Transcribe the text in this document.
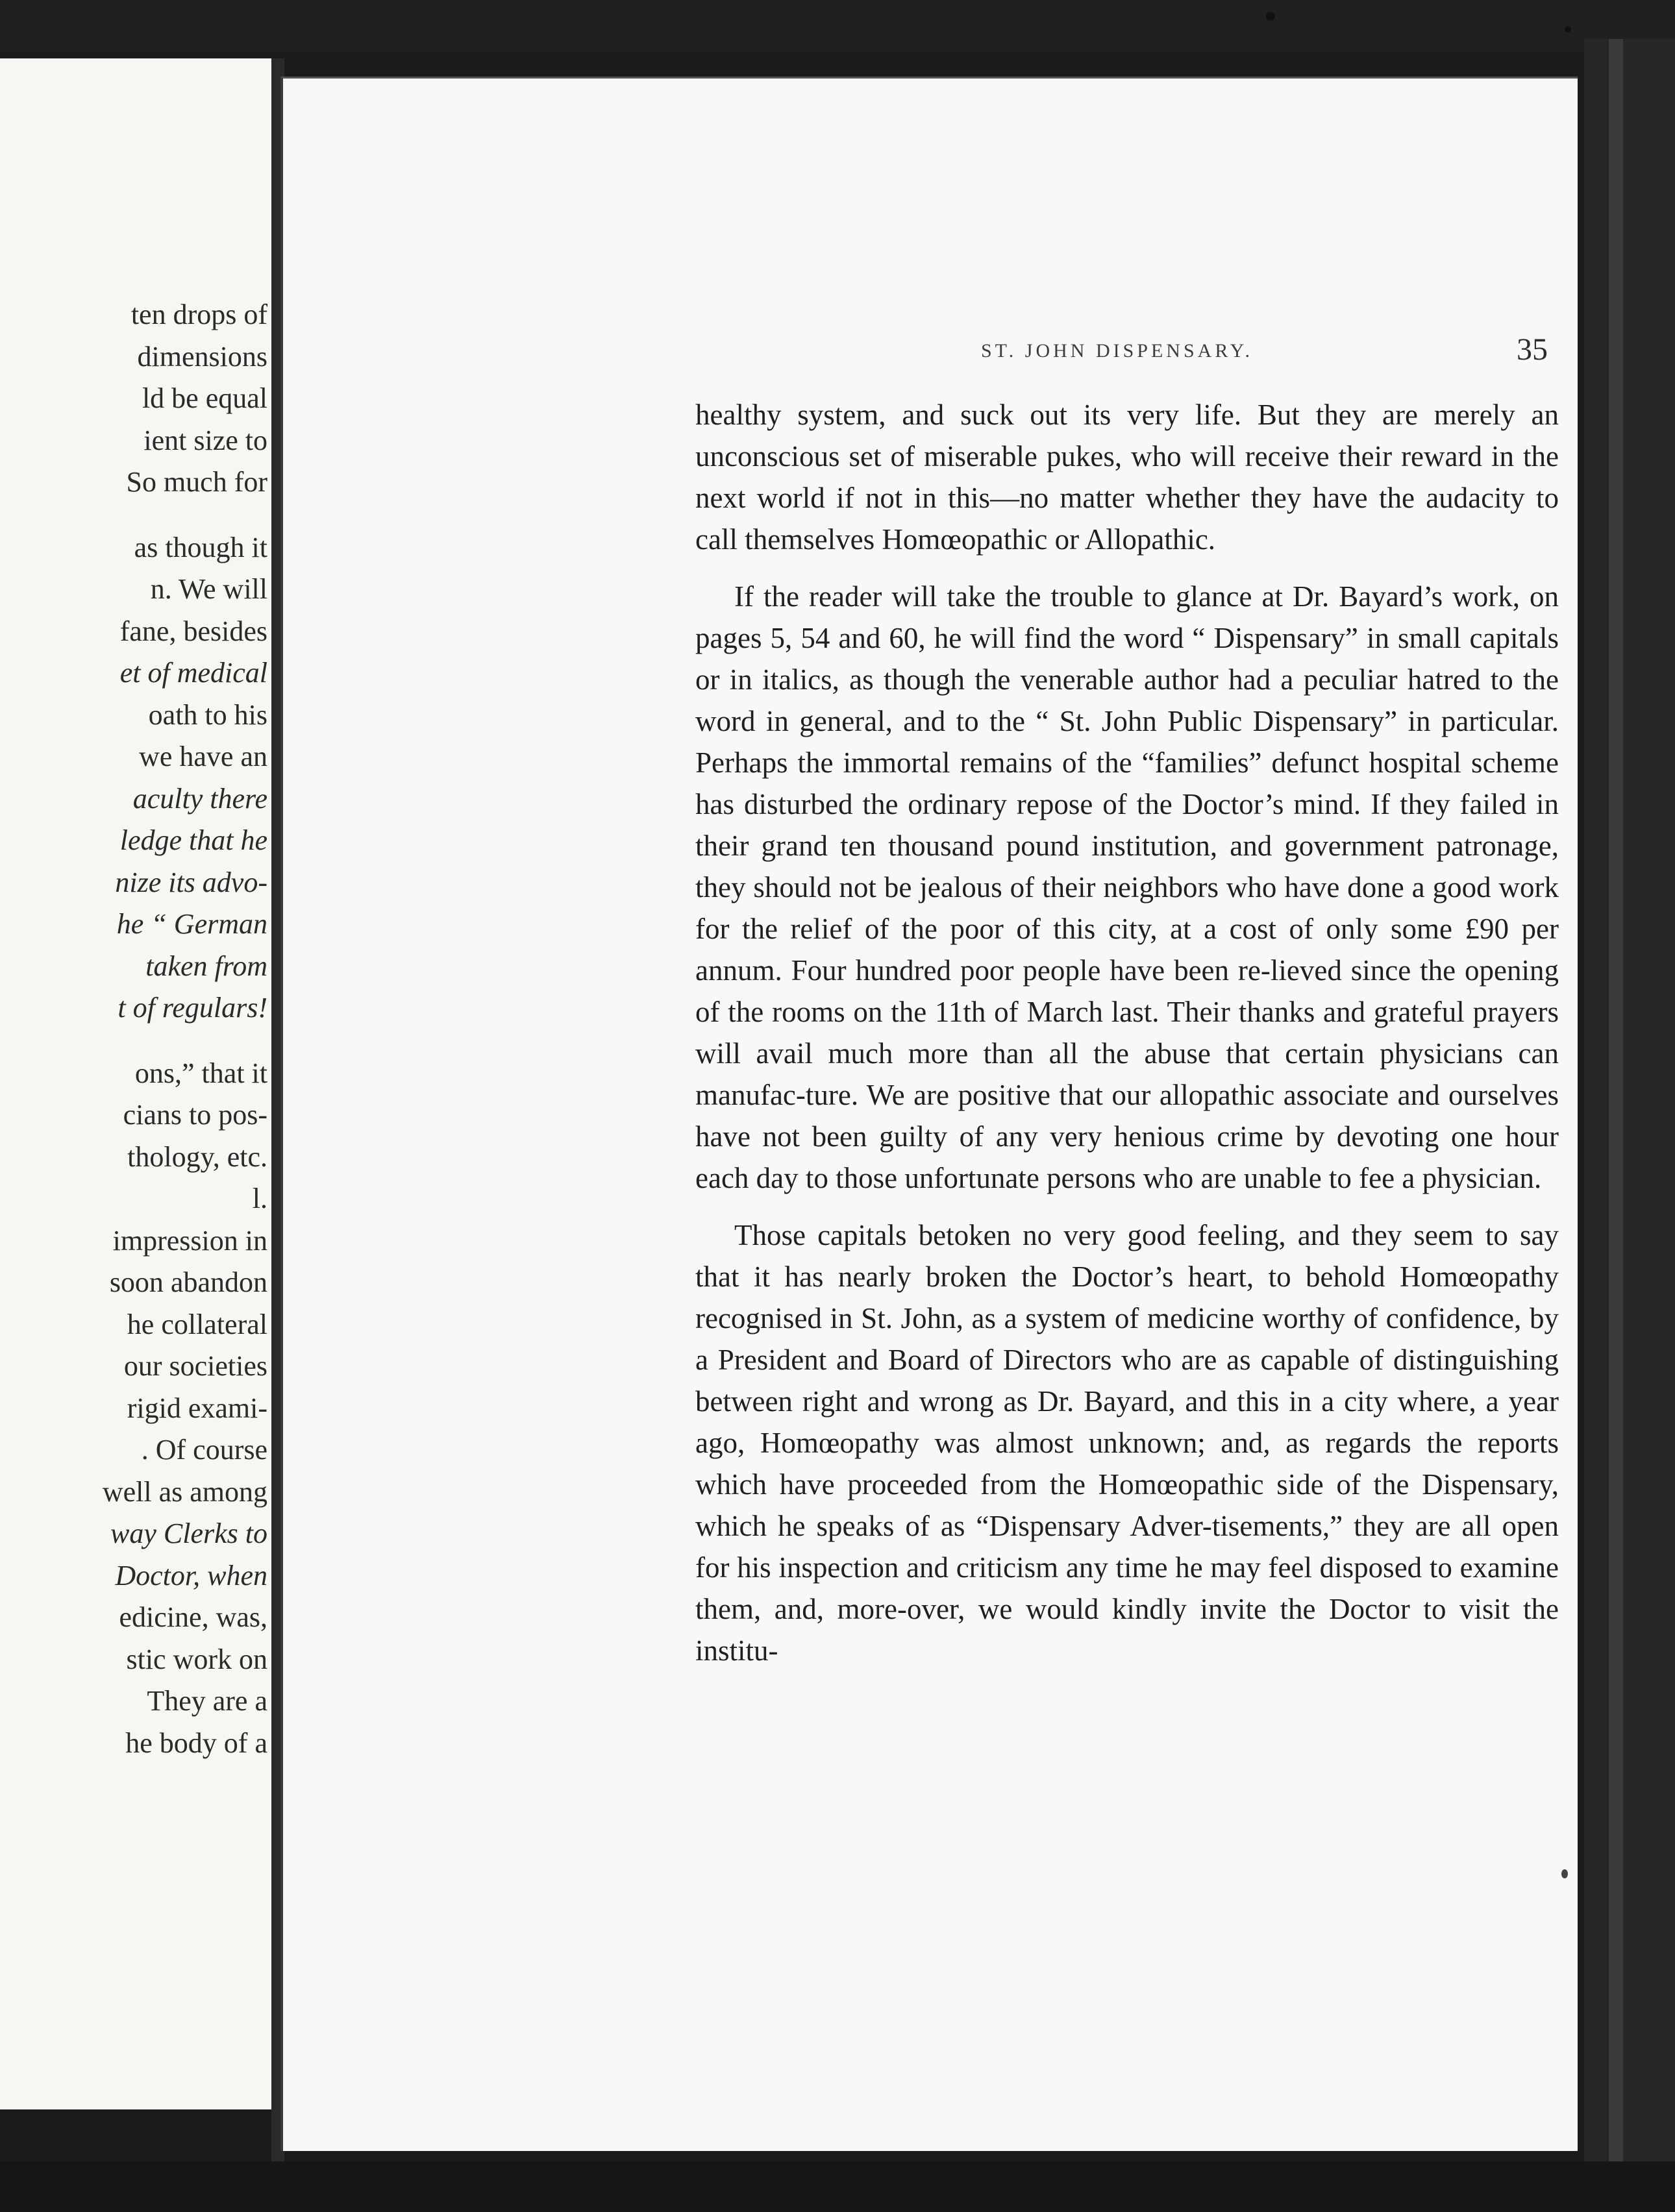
ten drops of
dimensions
ld be equal
ient size to
So much for
as though it
n. We will
fane, besides
et of medical
oath to his
we have an
aculty there
ledge that he
nize its advo-
he “ German
taken from
t of regulars!
ons,” that it
cians to pos-
thology, etc.
l.
impression in
soon abandon
he collateral
our societies
rigid exami-
. Of course
well as among
way Clerks to
Doctor, when
edicine, was,
stic work on
They are a
he body of a
ST. JOHN DISPENSARY.	35

healthy system, and suck out its very life. But they are merely an unconscious set of miserable pukes, who will receive their reward in the next world if not in this—no matter whether they have the audacity to call themselves Homœopathic or Allopathic.

If the reader will take the trouble to glance at Dr. Bayard’s work, on pages 5, 54 and 60, he will find the word “ Dispensary” in small capitals or in italics, as though the venerable author had a peculiar hatred to the word in general, and to the “ St. John Public Dispensary” in particular. Perhaps the immortal remains of the “families” defunct hospital scheme has disturbed the ordinary repose of the Doctor’s mind. If they failed in their grand ten thousand pound institution, and government patronage, they should not be jealous of their neighbors who have done a good work for the relief of the poor of this city, at a cost of only some £90 per annum. Four hundred poor people have been re-lieved since the opening of the rooms on the 11th of March last. Their thanks and grateful prayers will avail much more than all the abuse that certain physicians can manufac-ture. We are positive that our allopathic associate and ourselves have not been guilty of any very henious crime by devoting one hour each day to those unfortunate persons who are unable to fee a physician.

Those capitals betoken no very good feeling, and they seem to say that it has nearly broken the Doctor’s heart, to behold Homœopathy recognised in St. John, as a system of medicine worthy of confidence, by a President and Board of Directors who are as capable of distinguishing between right and wrong as Dr. Bayard, and this in a city where, a year ago, Homœopathy was almost unknown; and, as regards the reports which have proceeded from the Homœopathic side of the Dispensary, which he speaks of as “Dispensary Adver-tisements,” they are all open for his inspection and criticism any time he may feel disposed to examine them, and, more-over, we would kindly invite the Doctor to visit the institu-
